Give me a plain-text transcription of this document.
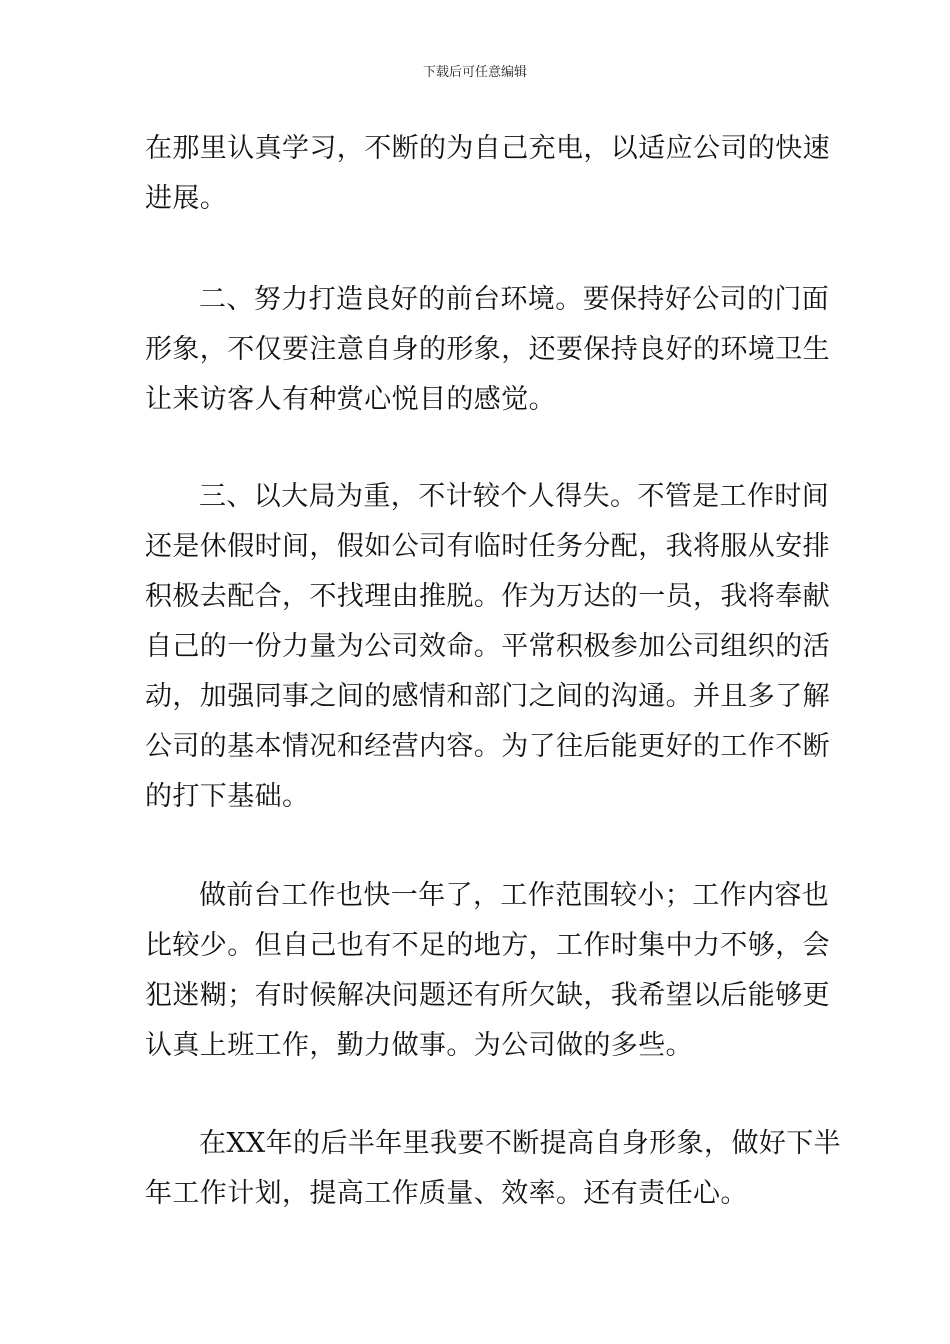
下载后可任意编辑
在那里认真学习，不断的为自己充电，以适应公司的快速
进展。
二、努力打造良好的前台环境。要保持好公司的门面
形象，不仅要注意自身的形象，还要保持良好的环境卫生
让来访客人有种赏心悦目的感觉。
三、以大局为重，不计较个人得失。不管是工作时间
还是休假时间，假如公司有临时任务分配，我将服从安排
积极去配合，不找理由推脱。作为万达的一员，我将奉献
自己的一份力量为公司效命。平常积极参加公司组织的活
动，加强同事之间的感情和部门之间的沟通。并且多了解
公司的基本情况和经营内容。为了往后能更好的工作不断
的打下基础。
做前台工作也快一年了，工作范围较小；工作内容也
比较少。但自己也有不足的地方，工作时集中力不够，会
犯迷糊；有时候解决问题还有所欠缺，我希望以后能够更
认真上班工作，勤力做事。为公司做的多些。
在XX年的后半年里我要不断提高自身形象，做好下半
年工作计划，提高工作质量、效率。还有责任心。
